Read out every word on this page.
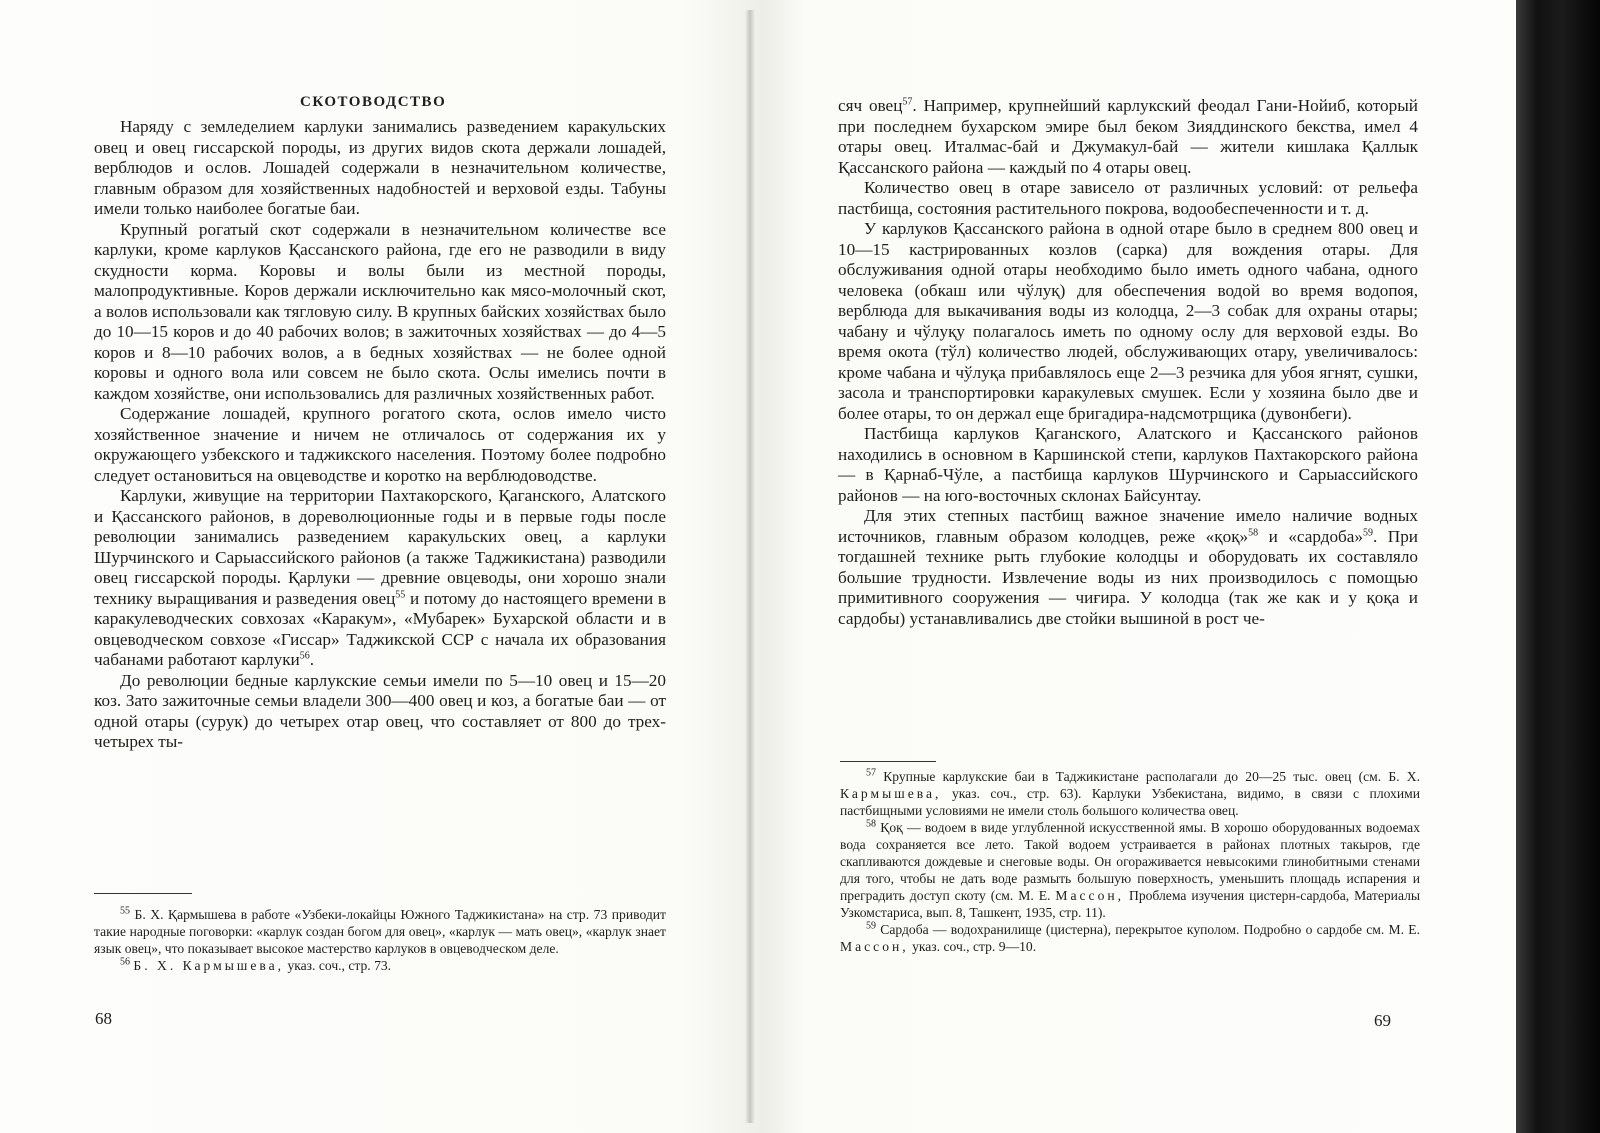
СКОТОВОДСТВО

Наряду с земледелием карлуки занимались разведением каракульских овец и овец гиссарской породы, из других видов скота держали лошадей, верблюдов и ослов. Лошадей содержали в незначительном количестве, главным образом для хозяйственных надобностей и верховой езды. Табуны имели только наиболее богатые баи.

Крупный рогатый скот содержали в незначительном количестве все карлуки, кроме карлуков Қассанского района, где его не разводили в виду скудности корма. Коровы и волы были из местной породы, малопродуктивные. Коров держали исключительно как мясо-молочный скот, а волов использовали как тягловую силу. В крупных байских хозяйствах было до 10—15 коров и до 40 рабочих волов; в зажиточных хозяйствах — до 4—5 коров и 8—10 рабочих волов, а в бедных хозяйствах — не более одной коровы и одного вола или совсем не было скота. Ослы имелись почти в каждом хозяйстве, они использовались для различных хозяйственных работ.

Содержание лошадей, крупного рогатого скота, ослов имело чисто хозяйственное значение и ничем не отличалось от содержания их у окружающего узбекского и таджикского населения. Поэтому более подробно следует остановиться на овцеводстве и коротко на верблюдоводстве.

Карлуки, живущие на территории Пахтакорского, Қаганского, Алатского и Қассанского районов, в дореволюционные годы и в первые годы после революции занимались разведением каракульских овец, а карлуки Шурчинского и Сарыассийского районов (а также Таджикистана) разводили овец гиссарской породы. Қарлуки — древние овцеводы, они хорошо знали технику выращивания и разведения овец$^{55}$ и потому до настоящего времени в каракулеводческих совхозах «Каракум», «Мубарек» Бухарской области и в овцеводческом совхозе «Гиссар» Таджикской ССР с начала их образования чабанами работают карлуки$^{56}$.

До революции бедные карлукские семьи имели по 5—10 овец и 15—20 коз. Зато зажиточные семьи владели 300—400 овец и коз, а богатые баи — от одной отары (сурук) до четырех отар овец, что составляет от 800 до трех-четырех ты-

$^{55}$ Б. Х. Қармышева в работе «Узбеки-локайцы Южного Таджикистана» на стр. 73 приводит такие народные поговорки: «карлук создан богом для овец», «карлук — мать овец», «карлук знает язык овец», что показывает высокое мастерство карлуков в овцеводческом деле.

$^{56}$ Б. Х. Кармышева, указ. соч., стр. 73.

68

сяч овец$^{57}$. Например, крупнейший карлукский феодал Гани-Нойиб, который при последнем бухарском эмире был беком Зияддинского бекства, имел 4 отары овец. Италмас-бай и Джумакул-бай — жители кишлака Қаллык Қассанского района — каждый по 4 отары овец.

Количество овец в отаре зависело от различных условий: от рельефа пастбища, состояния растительного покрова, водообеспеченности и т. д.

У карлуков Қассанского района в одной отаре было в среднем 800 овец и 10—15 кастрированных козлов (сарка) для вождения отары. Для обслуживания одной отары необходимо было иметь одного чабана, одного человека (обкаш или чўлуқ) для обеспечения водой во время водопоя, верблюда для выкачивания воды из колодца, 2—3 собак для охраны отары; чабану и чўлуқу полагалось иметь по одному ослу для верховой езды. Во время окота (тўл) количество людей, обслуживающих отару, увеличивалось: кроме чабана и чўлуқа прибавлялось еще 2—3 резчика для убоя ягнят, сушки, засола и транспортировки каракулевых смушек. Если у хозяина было две и более отары, то он держал еще бригадира-надсмотрщика (дувонбеги).

Пастбища карлуков Қаганского, Алатского и Қассанского районов находились в основном в Каршинской степи, карлуков Пахтакорского района — в Қарнаб-Чўле, а пастбища карлуков Шурчинского и Сарыассийского районов — на юго-восточных склонах Байсунтау.

Для этих степных пастбищ важное значение имело наличие водных источников, главным образом колодцев, реже «қоқ»$^{58}$ и «сардоба»$^{59}$. При тогдашней технике рыть глубокие колодцы и оборудовать их составляло большие трудности. Извлечение воды из них производилось с помощью примитивного сооружения — чиғира. У колодца (так же как и у қоқа и сардобы) устанавливались две стойки вышиной в рост че-

$^{57}$ Крупные карлукские баи в Таджикистане располагали до 20—25 тыс. овец (см. Б. Х. Кармышева, указ. соч., стр. 63). Карлуки Узбекистана, видимо, в связи с плохими пастбищными условиями не имели столь большого количества овец.

$^{58}$ Қоқ — водоем в виде углубленной искусственной ямы. В хорошо оборудованных водоемах вода сохраняется все лето. Такой водоем устраивается в районах плотных такыров, где скапливаются дождевые и снеговые воды. Он огораживается невысокими глинобитными стенами для того, чтобы не дать воде размыть большую поверхность, уменьшить площадь испарения и преградить доступ скоту (см. М. Е. Массон, Проблема изучения цистерн-сардоба, Материалы Узкомстариса, вып. 8, Ташкент, 1935, стр. 11).

$^{59}$ Сардоба — водохранилище (цистерна), перекрытое куполом. Подробно о сардобе см. М. Е. Массон, указ. соч., стр. 9—10.

69
